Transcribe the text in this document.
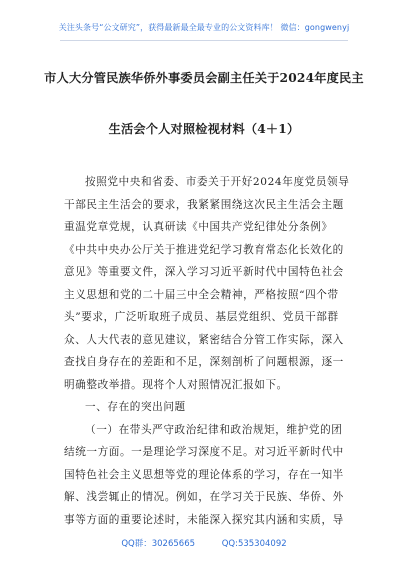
关注头条号“公文研究”，获得最新最全最专业的公文资料库！ 微信：gongwenyj
市人大分管民族华侨外事委员会副主任关于2024年度民主
生活会个人对照检视材料（4＋1）
按照党中央和省委、市委关于开好2024年度党员领导
干部民主生活会的要求，我紧紧围绕这次民主生活会主题
重温党章党规，认真研读《中国共产党纪律处分条例》
《中共中央办公厅关于推进党纪学习教育常态化长效化的
意见》等重要文件，深入学习习近平新时代中国特色社会
主义思想和党的二十届三中全会精神，严格按照“四个带
头”要求，广泛听取班子成员、基层党组织、党员干部群
众、人大代表的意见建议，紧密结合分管工作实际，深入
查找自身存在的差距和不足，深刻剖析了问题根源，逐一
明确整改举措。现将个人对照情况汇报如下。
一、存在的突出问题
（一）在带头严守政治纪律和政治规矩，维护党的团
结统一方面。一是理论学习深度不足。对习近平新时代中
国特色社会主义思想等党的理论体系的学习，存在一知半
解、浅尝辄止的情况。例如，在学习关于民族、华侨、外
事等方面的重要论述时，未能深入探究其内涵和实质，导
QQ群：30265665	QQ:535304092
